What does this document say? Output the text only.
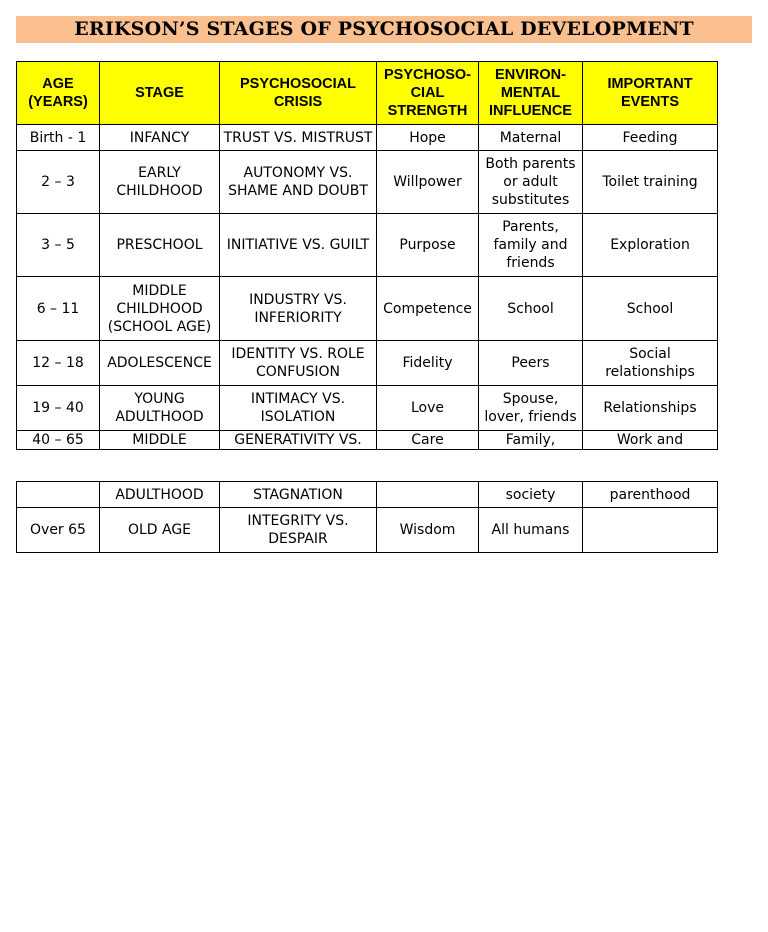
ERIKSON’S STAGES OF PSYCHOSOCIAL DEVELOPMENT
AGE (YEARS)	STAGE	PSYCHOSOCIAL CRISIS	PSYCHOSO-CIAL STRENGTH	ENVIRON-MENTAL INFLUENCE	IMPORTANT EVENTS
Birth - 1	INFANCY	TRUST VS. MISTRUST	Hope	Maternal	Feeding
2 – 3	EARLY CHILDHOOD	AUTONOMY VS. SHAME AND DOUBT	Willpower	Both parents or adult substitutes	Toilet training
3 – 5	PRESCHOOL	INITIATIVE VS. GUILT	Purpose	Parents, family and friends	Exploration
6 – 11	MIDDLE CHILDHOOD (SCHOOL AGE)	INDUSTRY VS. INFERIORITY	Competence	School	School
12 – 18	ADOLESCENCE	IDENTITY VS. ROLE CONFUSION	Fidelity	Peers	Social relationships
19 – 40	YOUNG ADULTHOOD	INTIMACY VS. ISOLATION	Love	Spouse, lover, friends	Relationships
40 – 65	MIDDLE	GENERATIVITY VS.	Care	Family,	Work and
	ADULTHOOD	STAGNATION		society	parenthood
Over 65	OLD AGE	INTEGRITY VS. DESPAIR	Wisdom	All humans	
